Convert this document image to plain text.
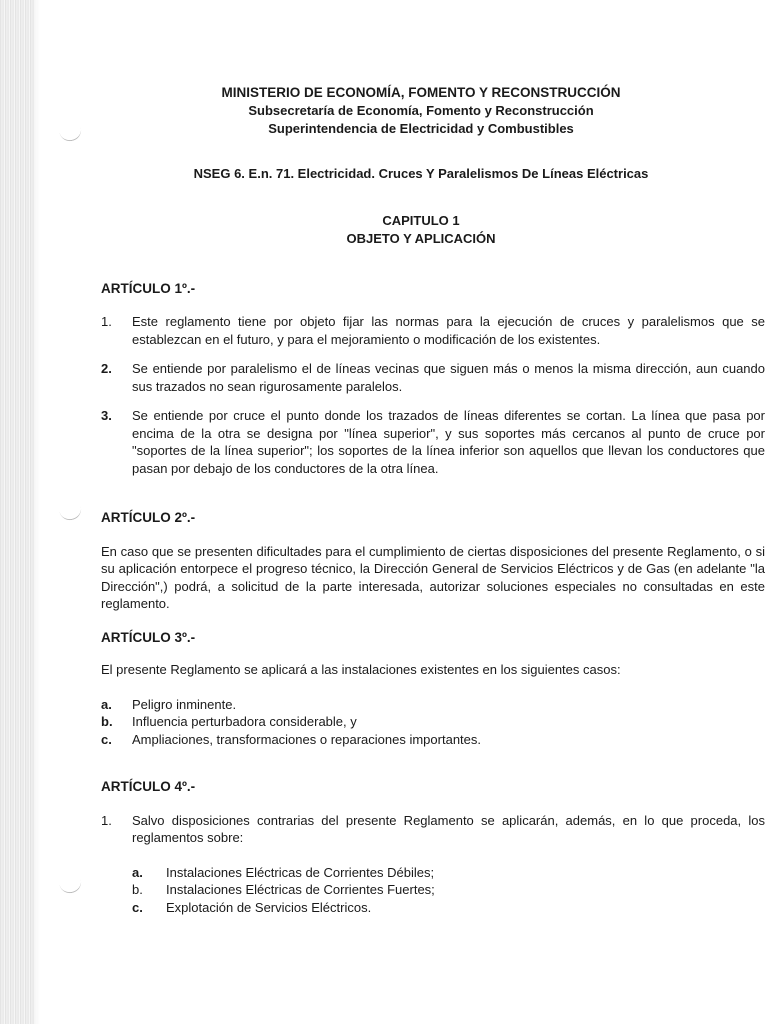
MINISTERIO DE ECONOMÍA, FOMENTO Y RECONSTRUCCIÓN
Subsecretaría de Economía, Fomento y Reconstrucción
Superintendencia de Electricidad y Combustibles
NSEG 6. E.n. 71. Electricidad. Cruces Y Paralelismos De Líneas Eléctricas
CAPITULO 1
OBJETO Y APLICACIÓN
ARTÍCULO 1º.-
1.	Este reglamento tiene por objeto fijar las normas para la ejecución de cruces y paralelismos que se establezcan en el futuro, y para el mejoramiento o modificación de los existentes.
2.	Se entiende por paralelismo el de líneas vecinas que siguen más o menos la misma dirección, aun cuando sus trazados no sean rigurosamente paralelos.
3.	Se entiende por cruce el punto donde los trazados de líneas diferentes se cortan. La línea que pasa por encima de la otra se designa por "línea superior", y sus soportes más cercanos al punto de cruce por "soportes de la línea superior"; los soportes de la línea inferior son aquellos que llevan los conductores que pasan por debajo de los conductores de la otra línea.
ARTÍCULO 2º.-
En caso que se presenten dificultades para el cumplimiento de ciertas disposiciones del presente Reglamento, o si su aplicación entorpece el progreso técnico, la Dirección General de Servicios Eléctricos y de Gas (en adelante "la Dirección",) podrá, a solicitud de la parte interesada, autorizar soluciones especiales no consultadas en este reglamento.
ARTÍCULO 3º.-
El presente Reglamento se aplicará a las instalaciones existentes en los siguientes casos:
a.	Peligro inminente.
b.	Influencia perturbadora considerable, y
c.	Ampliaciones, transformaciones o reparaciones importantes.
ARTÍCULO 4º.-
1.	Salvo disposiciones contrarias del presente Reglamento se aplicarán, además, en lo que proceda, los reglamentos sobre:
a.	Instalaciones Eléctricas de Corrientes Débiles;
b.	Instalaciones Eléctricas de Corrientes Fuertes;
c.	Explotación de Servicios Eléctricos.
